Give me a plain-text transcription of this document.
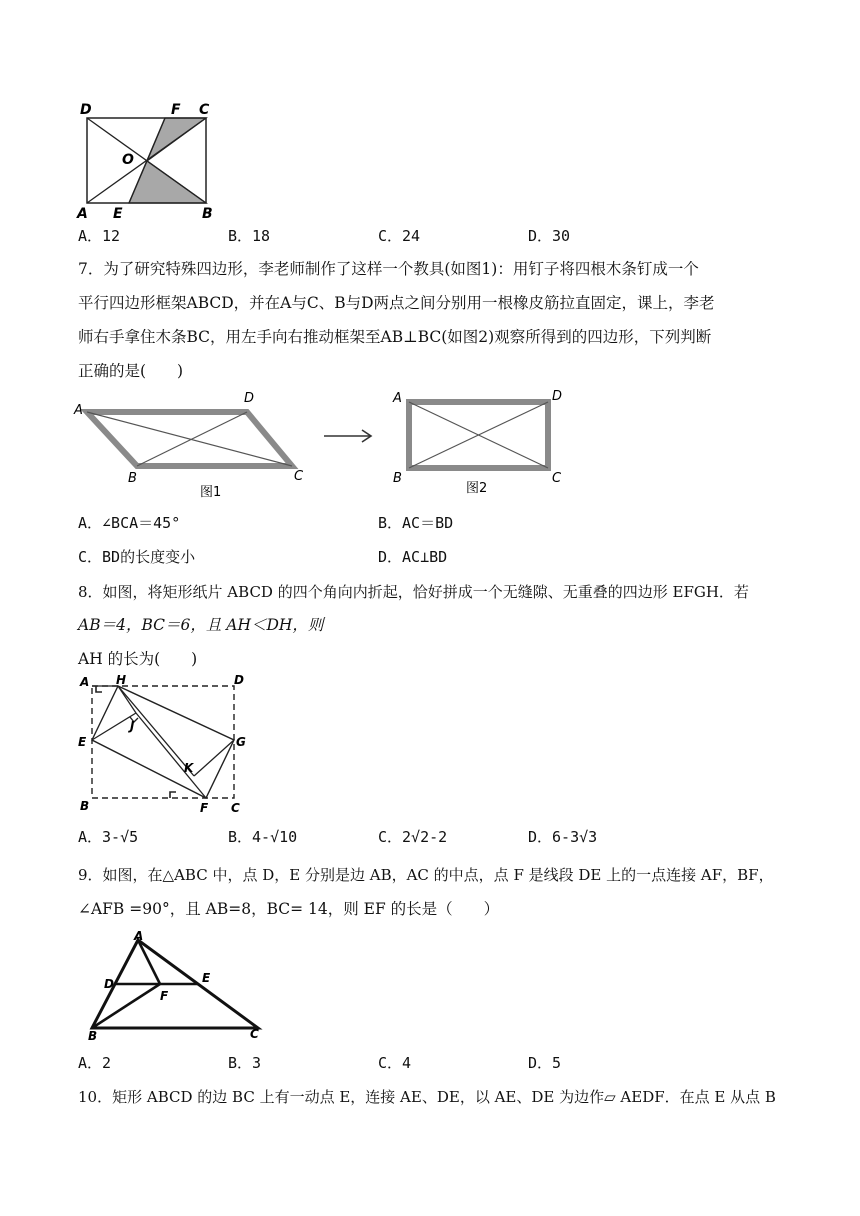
D	F C
O
A E	B
A．12	B．18	C．24	D．30
7．为了研究特殊四边形，李老师制作了这样一个教具(如图1)：用钉子将四根木条钉成一个
平行四边形框架ABCD，并在A与C、B与D两点之间分别用一根橡皮筋拉直固定，课上，李老
师右手拿住木条BC，用左手向右推动框架至AB⊥BC(如图2)观察所得到的四边形，下列判断
正确的是(　　)
A
D
B	C
图1
A	D
B	C
图2
A．∠BCA＝45°	B．AC＝BD
C．BD的长度变小	D．AC⊥BD
8．如图，将矩形纸片 ABCD 的四个角向内折起，恰好拼成一个无缝隙、无重叠的四边形 EFGH．若
AB＝4，BC＝6，且 AH＜DH，则
AH 的长为(　　)
A H	D
J
E	G
K
B	F C
A．3-√5	B．4-√10	C．2√2-2	D．6-3√3
9．如图，在△ABC 中，点 D，E 分别是边 AB，AC 的中点，点 F 是线段 DE 上的一点连接 AF，BF，
∠AFB =90°，且 AB=8，BC= 14，则 EF 的长是（　　）
A
D	E
F
B	C
A．2	B．3	C．4	D．5
10．矩形 ABCD 的边 BC 上有一动点 E，连接 AE、DE，以 AE、DE 为边作▱ AEDF．在点 E 从点 B
